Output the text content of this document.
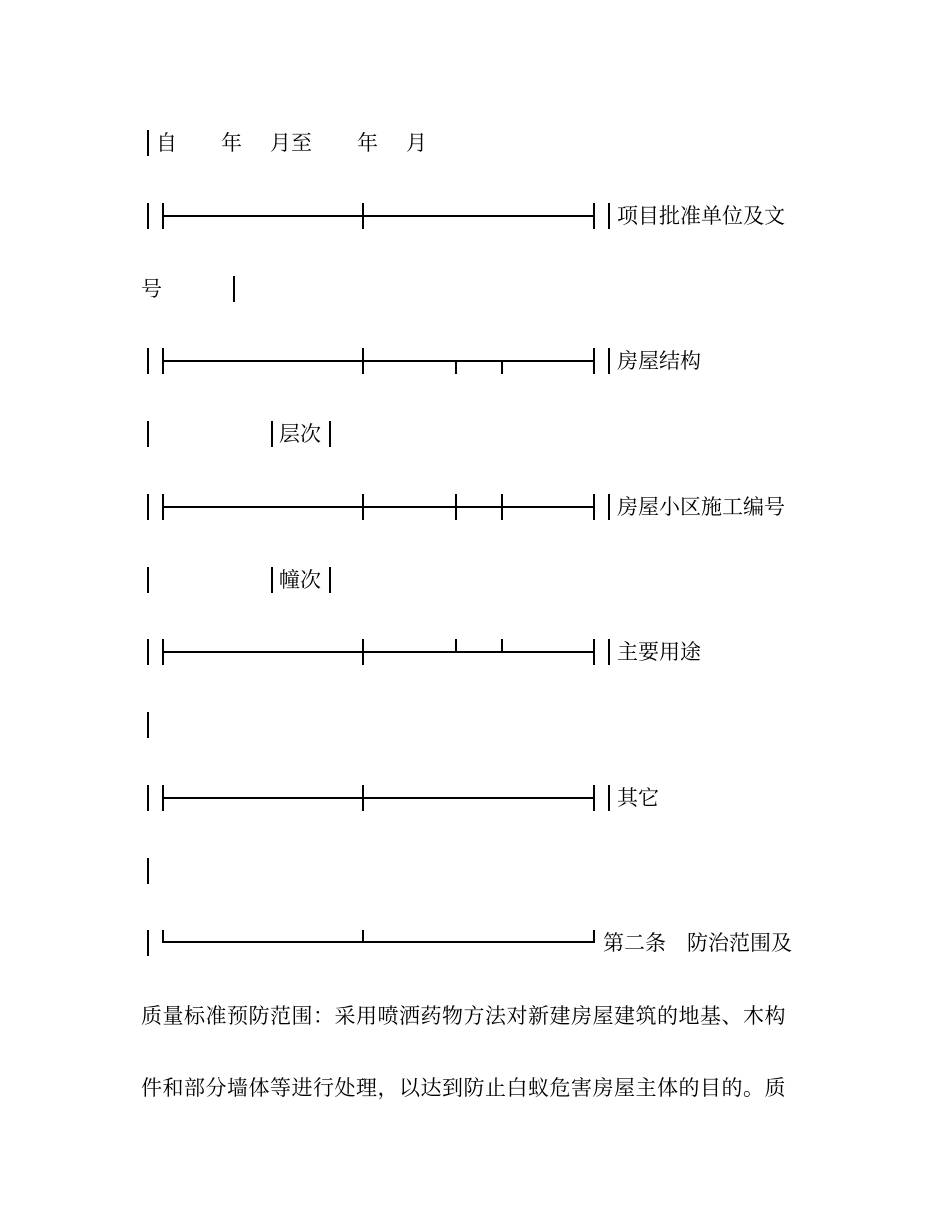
自 年 月至 年 月
项目批准单位及文
号
房屋结构
层次
房屋小区施工编号
幢次
主要用途
其它
第二条　防治范围及
质量标准预防范围：采用喷洒药物方法对新建房屋建筑的地基、木构
件和部分墙体等进行处理，以达到防止白蚁危害房屋主体的目的。质
